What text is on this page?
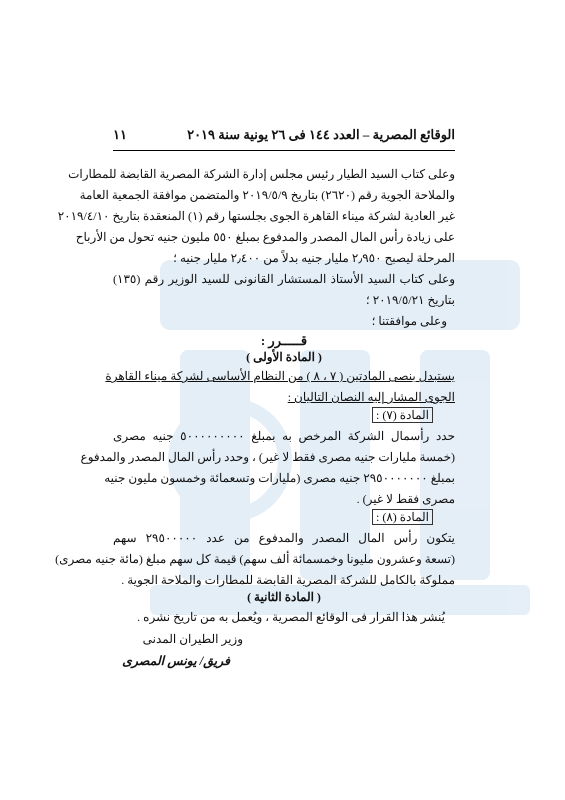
الوقائع المصرية – العدد ١٤٤ فى ٢٦ يونية سنة ٢٠١٩
١١
وعلى كتاب السيد الطيار رئيس مجلس إدارة الشركة المصرية القابضة للمطارات
والملاحة الجوية رقم (٢٦٢٠) بتاريخ ٢٠١٩/٥/٩ والمتضمن موافقة الجمعية العامة
غير العادية لشركة ميناء القاهرة الجوى بجلستها رقم (١) المنعقدة بتاريخ ٢٠١٩/٤/١٠
على زيادة رأس المال المصدر والمدفوع بمبلغ ٥٥٠ مليون جنيه تحول من الأرباح
المرحلة ليصبح ٢٫٩٥٠ مليار جنيه بدلاً من ٢٫٤٠٠ مليار جنيه ؛
وعلى كتاب السيد الأستاذ المستشار القانونى للسيد الوزير رقم (١٣٥)
بتاريخ ٢٠١٩/٥/٢١ ؛
وعلى موافقتنا ؛
قـــــرر :
( المادة الأولى )
يستبدل بنصى المادتين ( ٧ ، ٨ ) من النظام الأساسى لشركة ميناء القاهرة
الجوى المشار إليه النصان التاليان :
المادة (٧) :
حدد رأسمال الشركة المرخص به بمبلغ ٥٠٠٠٠٠٠٠٠٠ جنيه مصرى
(خمسة مليارات جنيه مصرى فقط لا غير) ، وحدد رأس المال المصدر والمدفوع
بمبلغ ٢٩٥٠٠٠٠٠٠٠ جنيه مصرى (مليارات وتسعمائة وخمسون مليون جنيه
مصرى فقط لا غير) .
المادة (٨) :
يتكون رأس المال المصدر والمدفوع من عدد ٢٩٥٠٠٠٠٠ سهم
(تسعة وعشرون مليونا وخمسمائة ألف سهم) قيمة كل سهم مبلغ (مائة جنيه مصرى)
مملوكة بالكامل للشركة المصرية القابضة للمطارات والملاحة الجوية .
( المادة الثانية )
يُنشر هذا القرار فى الوقائع المصرية ، ويُعمل به من تاريخ نشره .
وزير الطيران المدنى
فريق/ يونس المصرى
